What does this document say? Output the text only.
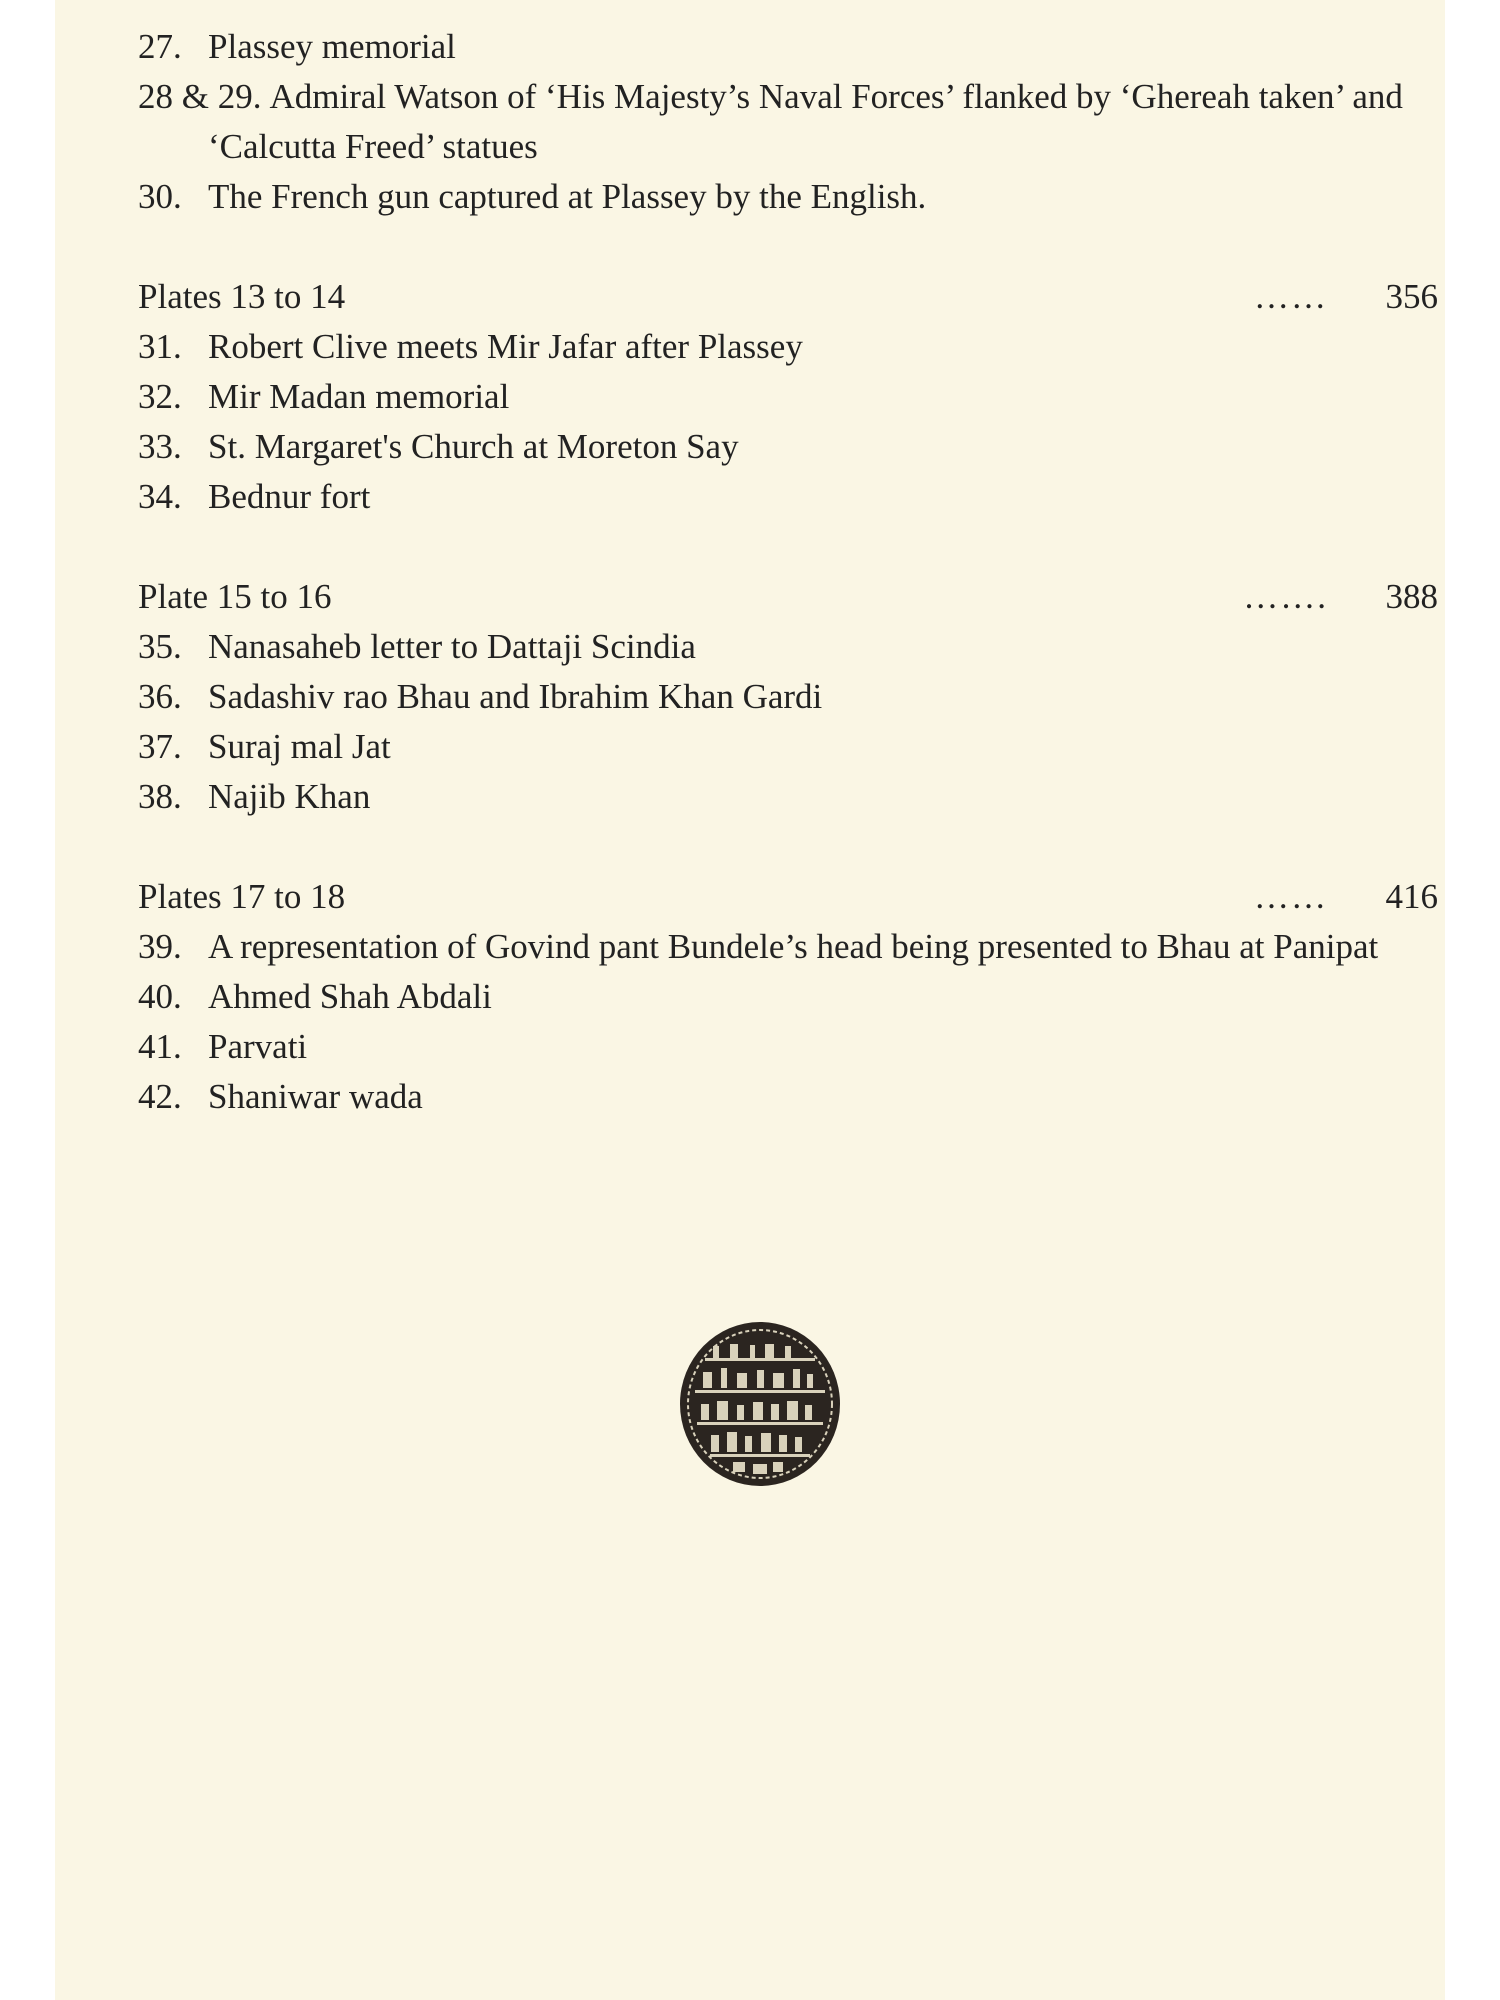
27. Plassey memorial
28 & 29. Admiral Watson of ‘His Majesty’s Naval Forces’ flanked by ‘Ghereah taken’ and ‘Calcutta Freed’ statues
30. The French gun captured at Plassey by the English.
Plates 13 to 14	……	356
31. Robert Clive meets Mir Jafar after Plassey
32. Mir Madan memorial
33. St. Margaret's Church at Moreton Say
34. Bednur fort
Plate 15 to 16	…….	388
35. Nanasaheb letter to Dattaji Scindia
36. Sadashiv rao Bhau and Ibrahim Khan Gardi
37. Suraj mal Jat
38. Najib Khan
Plates 17 to 18	……	416
39. A representation of Govind pant Bundele’s head being presented to Bhau at Panipat
40. Ahmed Shah Abdali
41. Parvati
42. Shaniwar wada
